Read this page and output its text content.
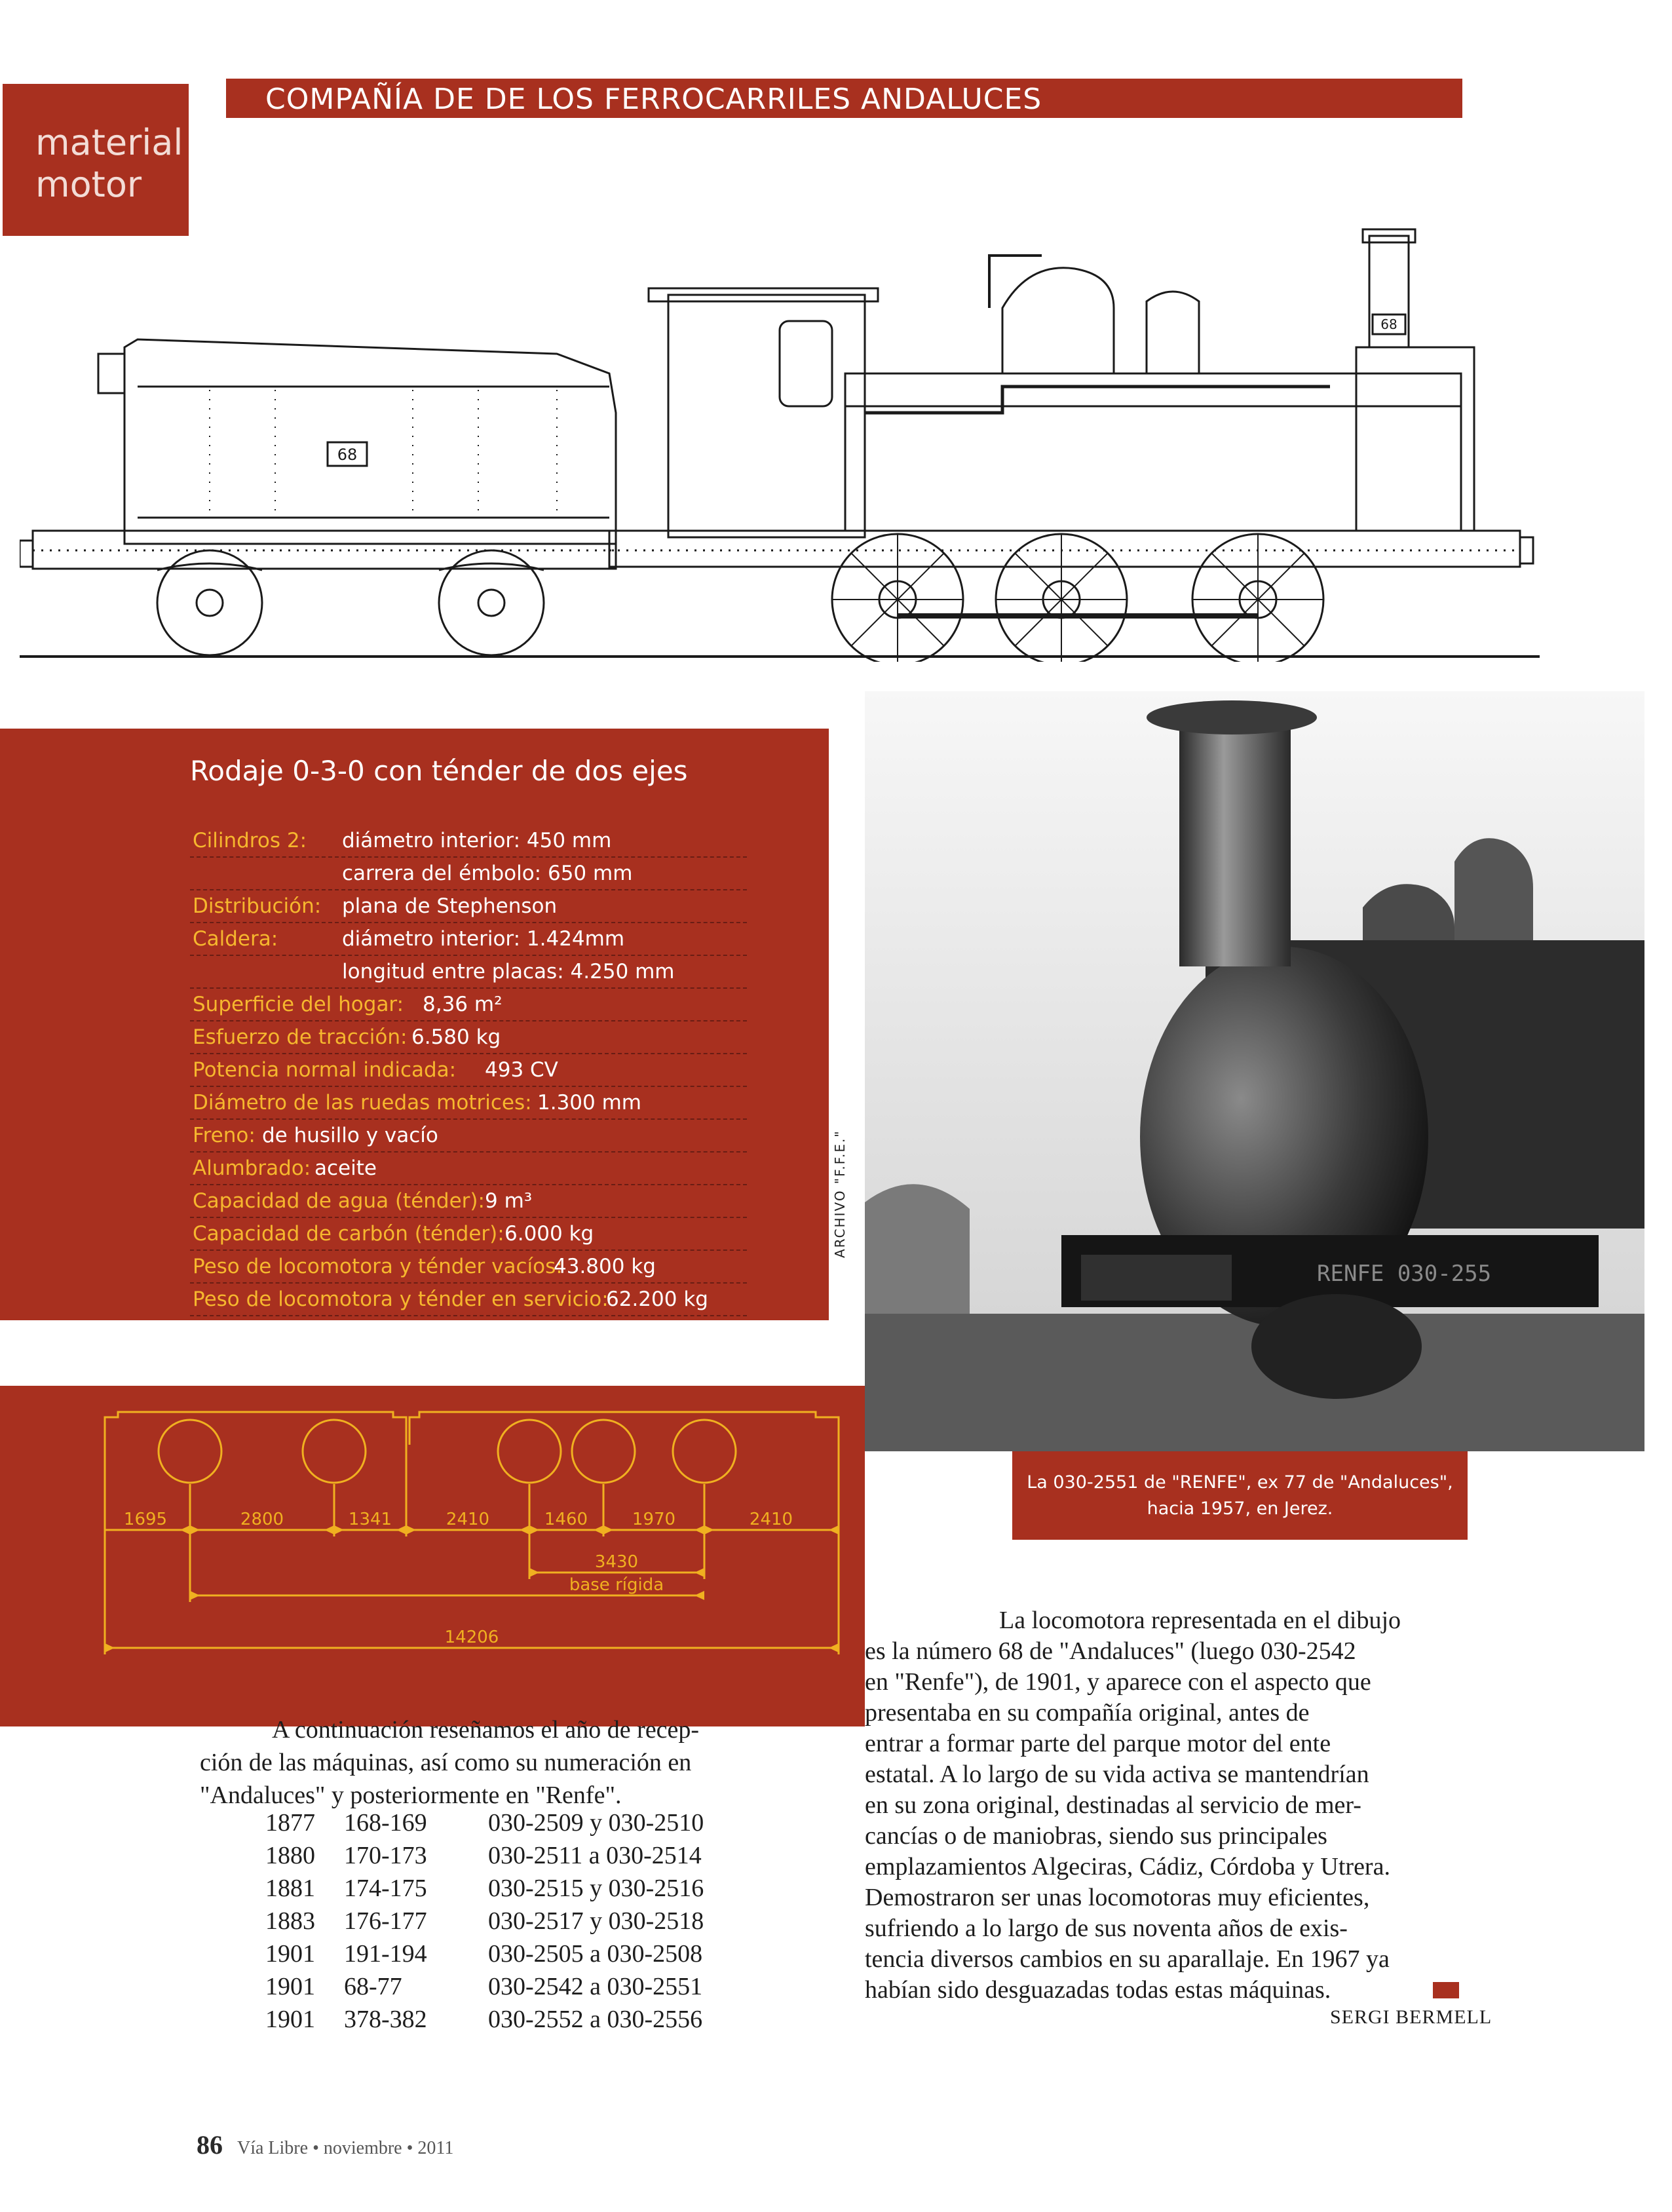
material
motor
COMPAÑÍA DE DE LOS FERROCARRILES ANDALUCES
68
68
Rodaje 0-3-0 con ténder de dos ejes
Cilindros 2: diámetro interior: 450 mm
carrera del émbolo: 650 mm
Distribución: plana de Stephenson
Caldera:	diámetro interior: 1.424mm
longitud entre placas: 4.250 mm
Superficie del hogar: 8,36 m²
Esfuerzo de tracción: 6.580 kg
Potencia normal indicada: 493 CV
Diámetro de las ruedas motrices: 1.300 mm
Freno: de husillo y vacío
Alumbrado: aceite
Capacidad de agua (ténder): 9 m³
Capacidad de carbón (ténder): 6.000 kg
Peso de locomotora y ténder vacíos:
43.800 kg
Peso de locomotora y ténder en servicio:
62.200 kg
RENFE 030-255
ARCHIVO "F.F.E."
La 030-2551 de "RENFE", ex 77 de "Andaluces",
hacia 1957, en Jerez.
1695	2800	1341	2410	1460	1970	2410
3430
base rígida
14206
A continuación reseñamos el año de recep-
ción de las máquinas, así como su numeración en
"Andaluces" y posteriormente en "Renfe".
1877 168-169 030-2509 y 030-2510
1880 170-173 030-2511 a 030-2514
1881 174-175 030-2515 y 030-2516
1883 176-177 030-2517 y 030-2518
1901 191-194 030-2505 a 030-2508
1901 68-77	030-2542 a 030-2551
1901 378-382 030-2552 a 030-2556
La locomotora representada en el dibujo
es la número 68 de "Andaluces" (luego 030-2542
en "Renfe"), de 1901, y aparece con el aspecto que
presentaba en su compañía original, antes de
entrar a formar parte del parque motor del ente
estatal. A lo largo de su vida activa se mantendrían
en su zona original, destinadas al servicio de mer-
cancías o de maniobras, siendo sus principales
emplazamientos Algeciras, Cádiz, Córdoba y Utrera.
Demostraron ser unas locomotoras muy eficientes,
sufriendo a lo largo de sus noventa años de exis-
tencia diversos cambios en su aparallaje. En 1967 ya
habían sido desguazadas todas estas máquinas.
SERGI BERMELL
86 Vía Libre • noviembre • 2011
